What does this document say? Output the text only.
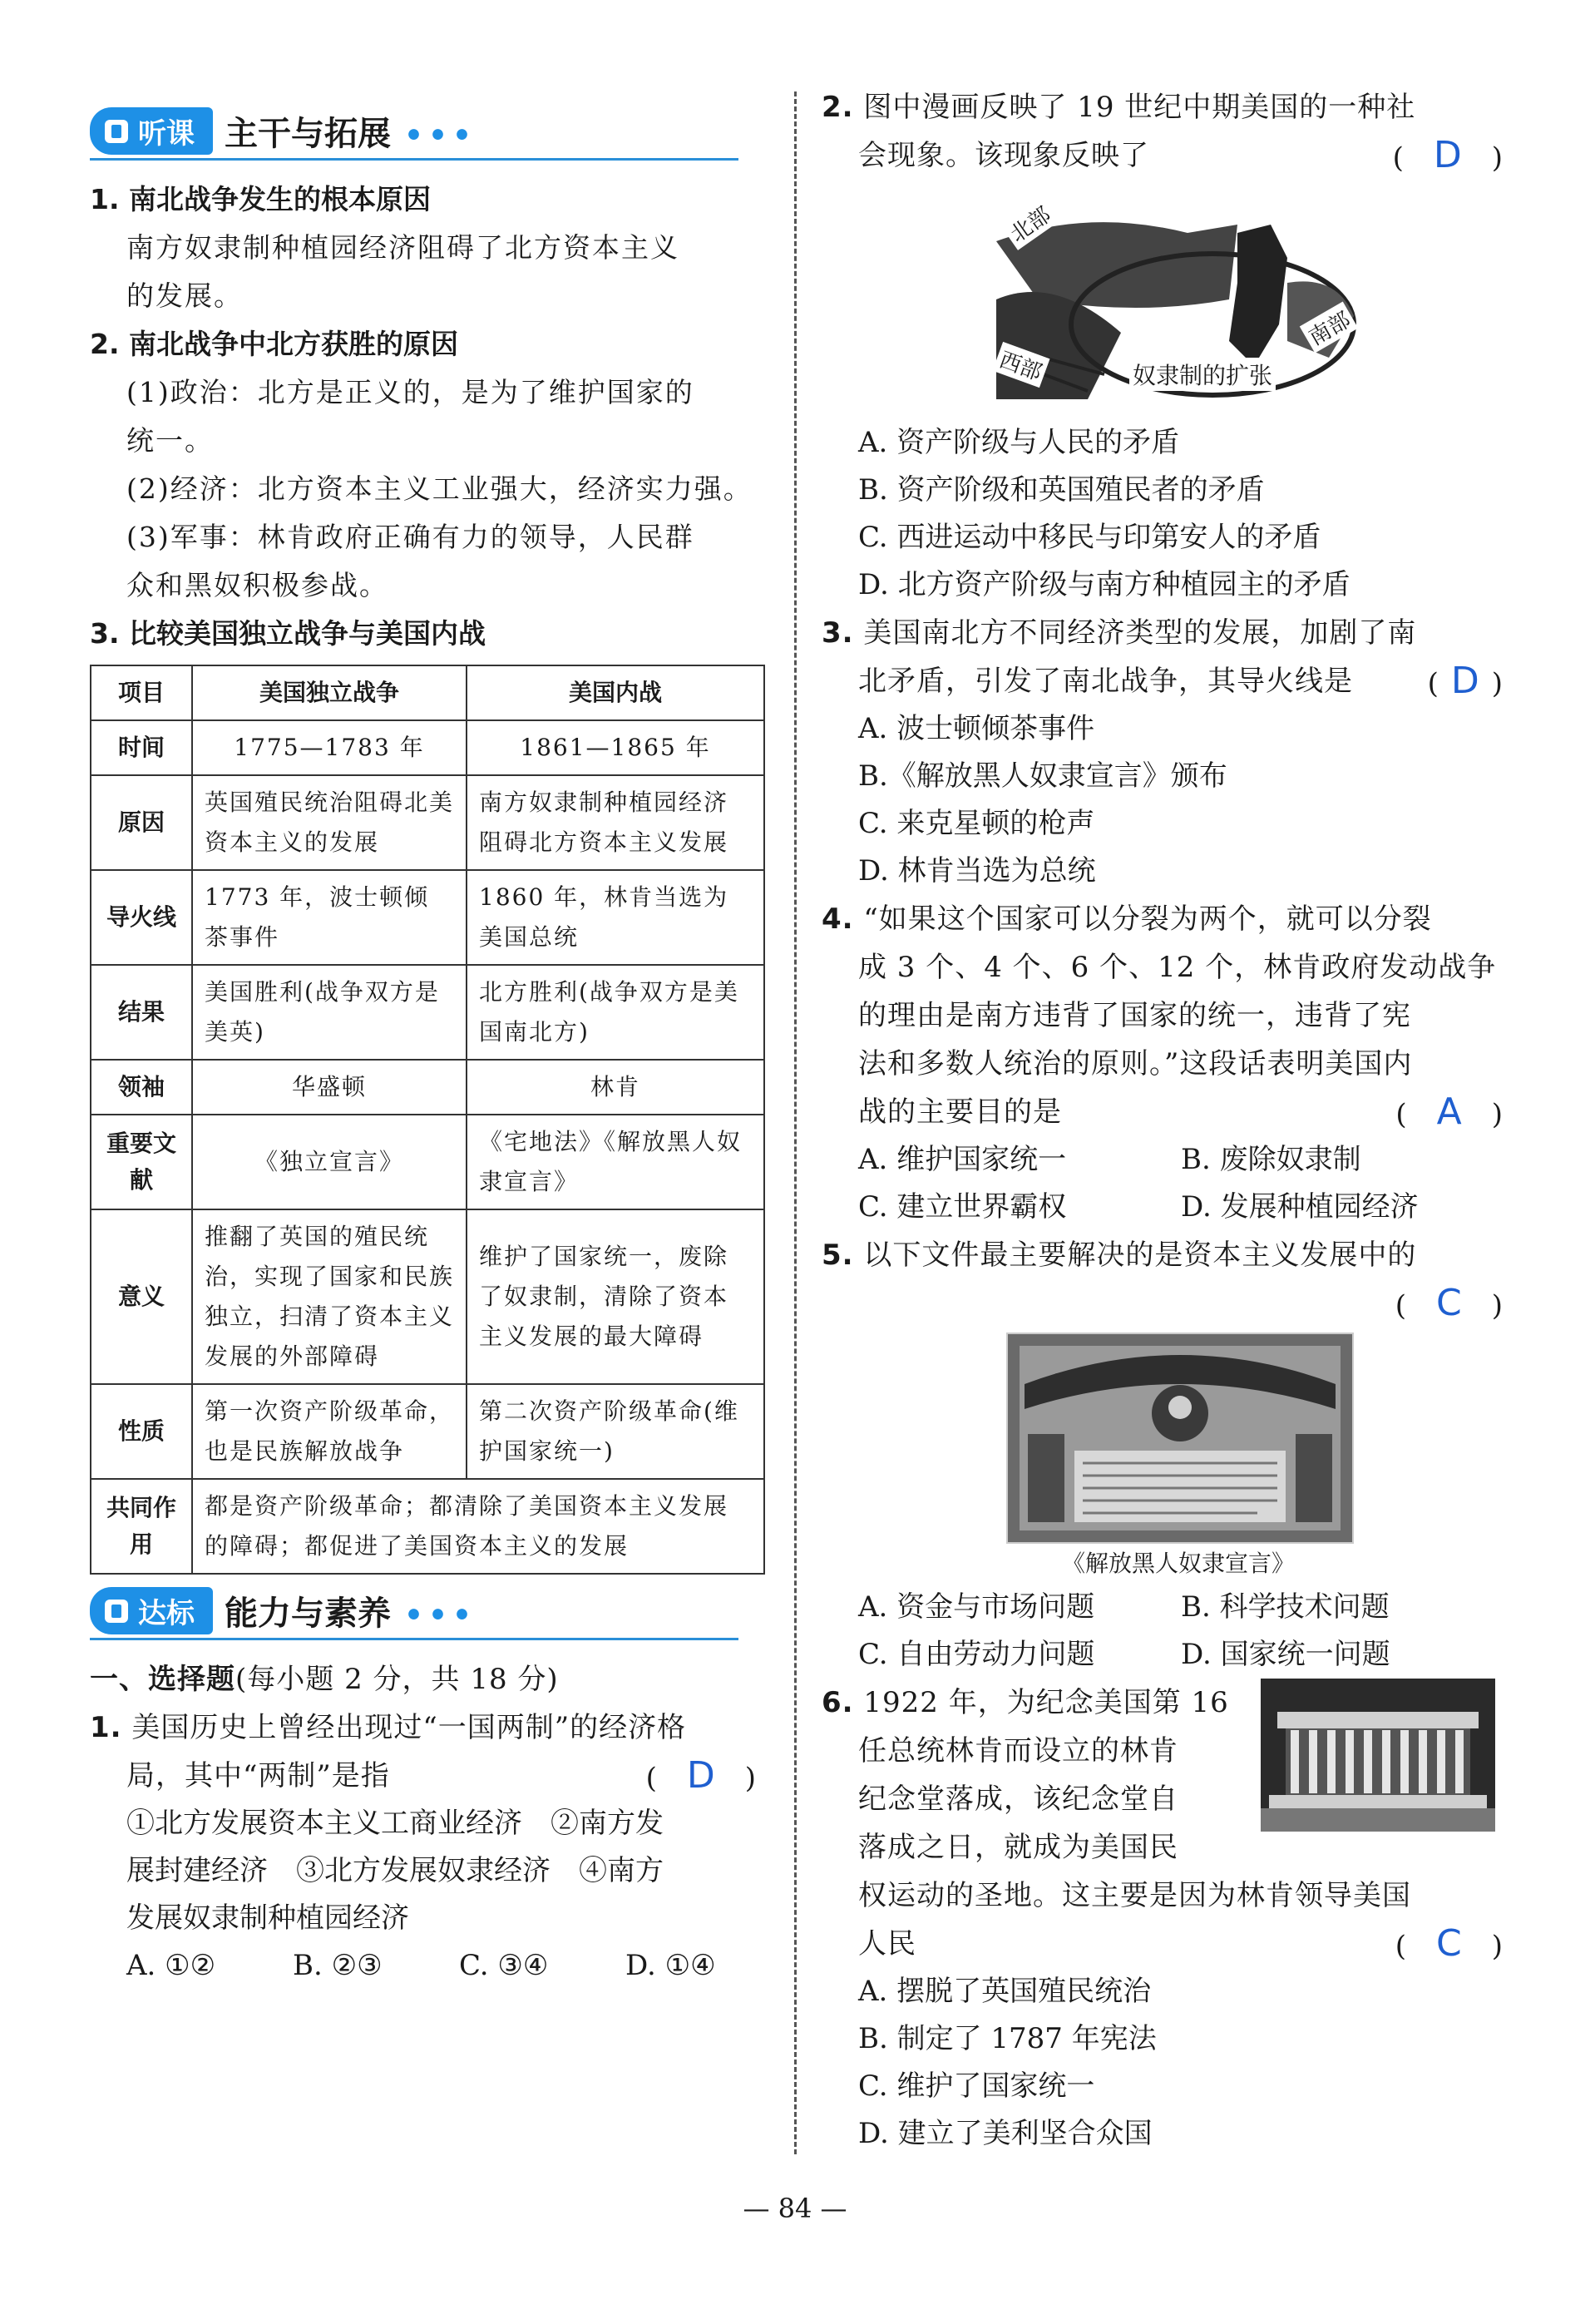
听课 主干与拓展 •••
1. 南北战争发生的根本原因
南方奴隶制种植园经济阻碍了北方资本主义
的发展。
2. 南北战争中北方获胜的原因
(1)政治：北方是正义的，是为了维护国家的
统一。
(2)经济：北方资本主义工业强大，经济实力强。
(3)军事：林肯政府正确有力的领导，人民群
众和黑奴积极参战。
3. 比较美国独立战争与美国内战
项目	美国独立战争	美国内战
时间	1775—1783 年	1861—1865 年
原因	英国殖民统治阻碍北美资本主义的发展	南方奴隶制种植园经济阻碍北方资本主义发展
导火线	1773 年，波士顿倾茶事件	1860 年，林肯当选为美国总统
结果	美国胜利(战争双方是美英)	北方胜利(战争双方是美国南北方)
领袖	华盛顿	林肯
重要文献	《独立宣言》	《宅地法》《解放黑人奴隶宣言》
意义	推翻了英国的殖民统治，实现了国家和民族独立，扫清了资本主义发展的外部障碍	维护了国家统一，废除了奴隶制，清除了资本主义发展的最大障碍
性质	第一次资产阶级革命，也是民族解放战争	第二次资产阶级革命(维护国家统一)
共同作用	都是资产阶级革命；都清除了美国资本主义发展的障碍；都促进了美国资本主义的发展	
达标 能力与素养 •••
一、选择题(每小题 2 分，共 18 分)
1. 美国历史上曾经出现过“一国两制”的经济格
局，其中“两制”是指	(　D　)
①北方发展资本主义工商业经济　②南方发
展封建经济　③北方发展奴隶经济　④南方
发展奴隶制种植园经济
A. ①②	B. ②③	C. ③④	D. ①④
2. 图中漫画反映了 19 世纪中期美国的一种社
会现象。该现象反映了	(　D　)
北部
西部
南部
奴隶制的扩张
A. 资产阶级与人民的矛盾
B. 资产阶级和英国殖民者的矛盾
C. 西进运动中移民与印第安人的矛盾
D. 北方资产阶级与南方种植园主的矛盾
3. 美国南北方不同经济类型的发展，加剧了南
北矛盾，引发了南北战争，其导火线是	( D )
A. 波士顿倾茶事件
B.《解放黑人奴隶宣言》颁布
C. 来克星顿的枪声
D. 林肯当选为总统
4. “如果这个国家可以分裂为两个，就可以分裂
成 3 个、4 个、6 个、12 个，林肯政府发动战争
的理由是南方违背了国家的统一，违背了宪
法和多数人统治的原则。”这段话表明美国内
战的主要目的是	(　A　)
A. 维护国家统一	B. 废除奴隶制
C. 建立世界霸权	D. 发展种植园经济
5. 以下文件最主要解决的是资本主义发展中的
(　C　)
《解放黑人奴隶宣言》
A. 资金与市场问题	B. 科学技术问题
C. 自由劳动力问题	D. 国家统一问题
6. 1922 年，为纪念美国第 16
任总统林肯而设立的林肯
纪念堂落成，该纪念堂自
落成之日，就成为美国民
权运动的圣地。这主要是因为林肯领导美国
人民	(　C　)
A. 摆脱了英国殖民统治
B. 制定了 1787 年宪法
C. 维护了国家统一
D. 建立了美利坚合众国
— 84 —
